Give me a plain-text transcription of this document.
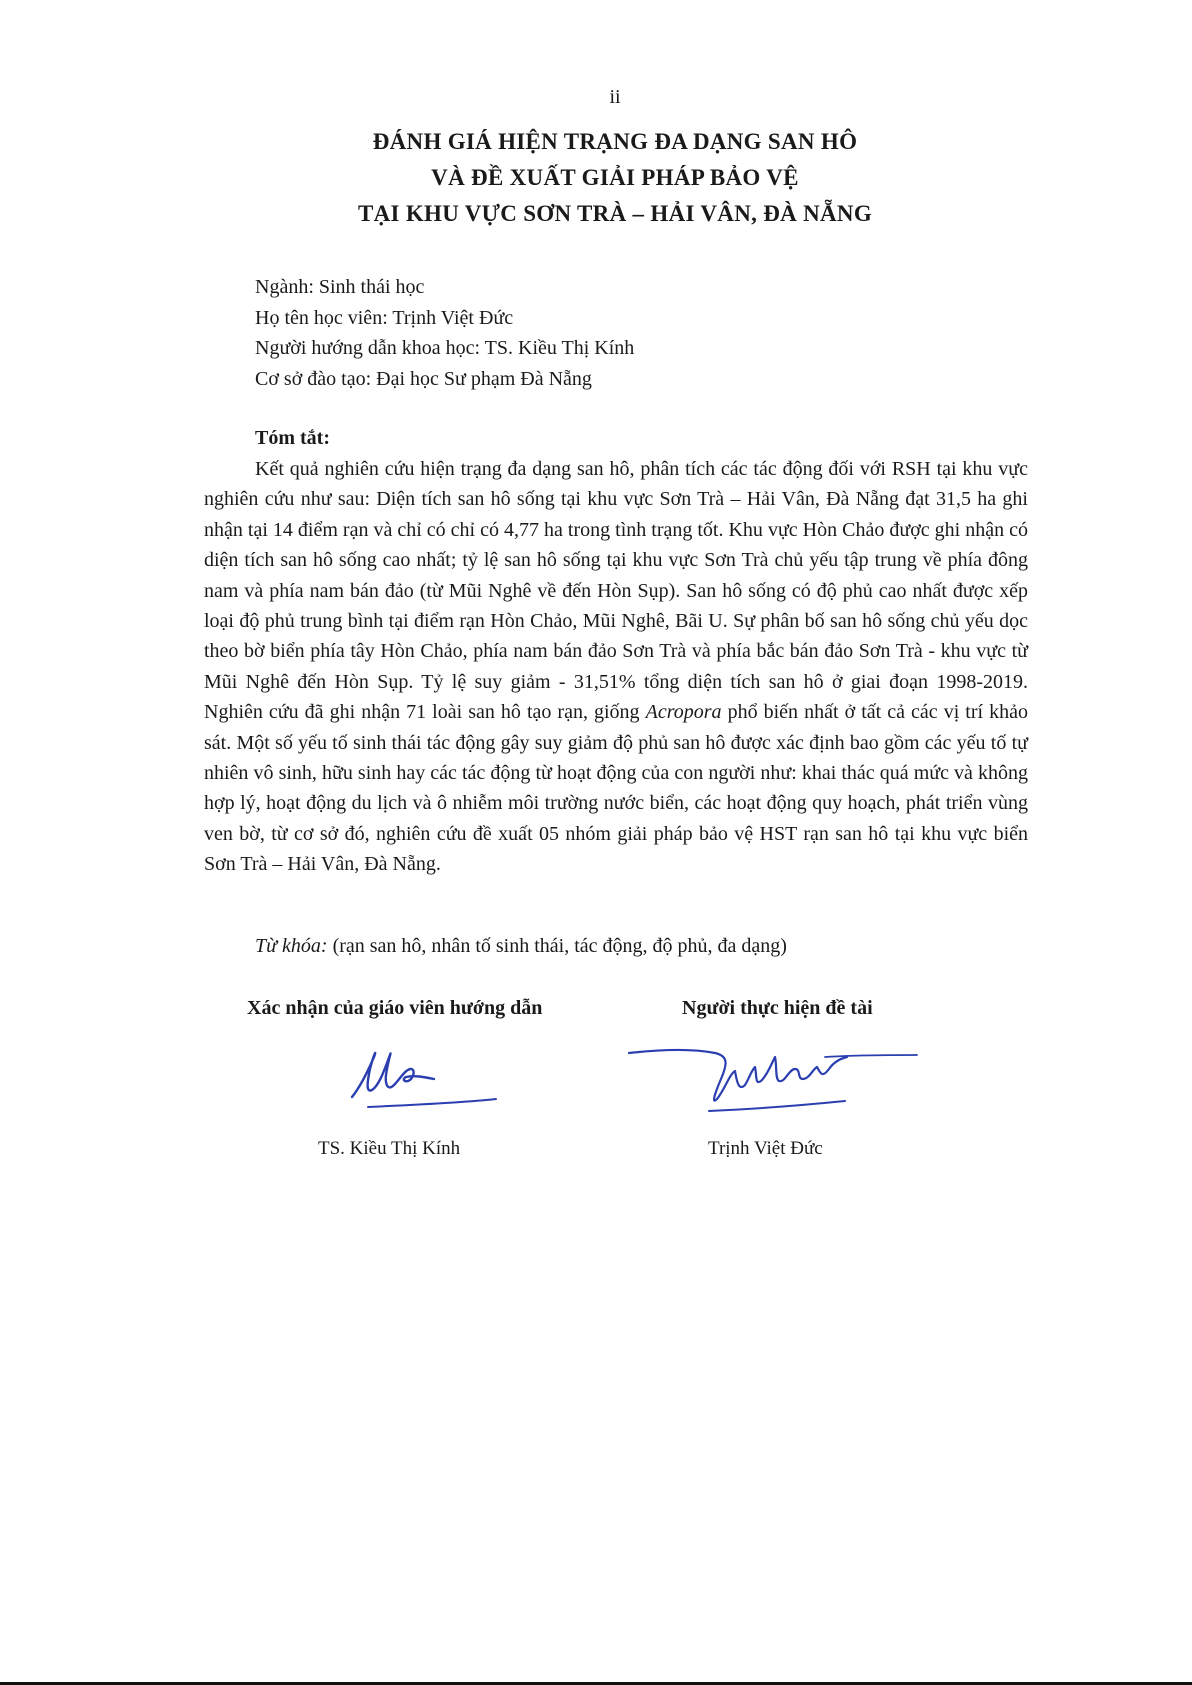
ii
ĐÁNH GIÁ HIỆN TRẠNG ĐA DẠNG SAN HÔ
VÀ ĐỀ XUẤT GIẢI PHÁP BẢO VỆ
TẠI KHU VỰC SƠN TRÀ – HẢI VÂN, ĐÀ NẴNG
Ngành: Sinh thái học
Họ tên học viên: Trịnh Việt Đức
Người hướng dẫn khoa học: TS. Kiều Thị Kính
Cơ sở đào tạo: Đại học Sư phạm Đà Nẵng
Tóm tắt:

Kết quả nghiên cứu hiện trạng đa dạng san hô, phân tích các tác động đối với RSH tại khu vực nghiên cứu như sau: Diện tích san hô sống tại khu vực Sơn Trà – Hải Vân, Đà Nẵng đạt 31,5 ha ghi nhận tại 14 điểm rạn và chỉ có chỉ có 4,77 ha trong tình trạng tốt. Khu vực Hòn Chảo được ghi nhận có diện tích san hô sống cao nhất; tỷ lệ san hô sống tại khu vực Sơn Trà chủ yếu tập trung về phía đông nam và phía nam bán đảo (từ Mũi Nghê về đến Hòn Sụp). San hô sống có độ phủ cao nhất được xếp loại độ phủ trung bình tại điểm rạn Hòn Chảo, Mũi Nghê, Bãi U. Sự phân bố san hô sống chủ yếu dọc theo bờ biển phía tây Hòn Chảo, phía nam bán đảo Sơn Trà và phía bắc bán đảo Sơn Trà - khu vực từ Mũi Nghê đến Hòn Sụp. Tỷ lệ suy giảm - 31,51% tổng diện tích san hô ở giai đoạn 1998-2019. Nghiên cứu đã ghi nhận 71 loài san hô tạo rạn, giống Acropora phổ biến nhất ở tất cả các vị trí khảo sát. Một số yếu tố sinh thái tác động gây suy giảm độ phủ san hô được xác định bao gồm các yếu tố tự nhiên vô sinh, hữu sinh hay các tác động từ hoạt động của con người như: khai thác quá mức và không hợp lý, hoạt động du lịch và ô nhiễm môi trường nước biển, các hoạt động quy hoạch, phát triển vùng ven bờ, từ cơ sở đó, nghiên cứu đề xuất 05 nhóm giải pháp bảo vệ HST rạn san hô tại khu vực biển Sơn Trà – Hải Vân, Đà Nẵng.

Từ khóa: (rạn san hô, nhân tố sinh thái, tác động, độ phủ, đa dạng)
Xác nhận của giáo viên hướng dẫn	Người thực hiện đề tài
TS. Kiều Thị Kính	Trịnh Việt Đức
